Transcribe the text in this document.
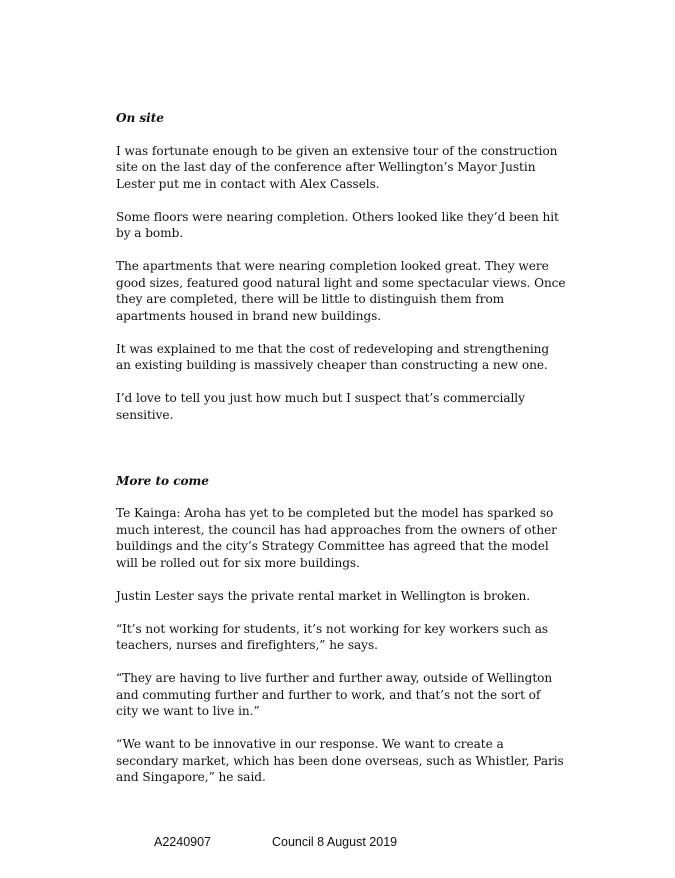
On site

I was fortunate enough to be given an extensive tour of the construction site on the last day of the conference after Wellington’s Mayor Justin Lester put me in contact with Alex Cassels.

Some floors were nearing completion. Others looked like they’d been hit by a bomb.

The apartments that were nearing completion looked great. They were good sizes, featured good natural light and some spectacular views. Once they are completed, there will be little to distinguish them from apartments housed in brand new buildings.

It was explained to me that the cost of redeveloping and strengthening an existing building is massively cheaper than constructing a new one.

I’d love to tell you just how much but I suspect that’s commercially sensitive.

More to come

Te Kainga: Aroha has yet to be completed but the model has sparked so much interest, the council has had approaches from the owners of other buildings and the city’s Strategy Committee has agreed that the model will be rolled out for six more buildings.

Justin Lester says the private rental market in Wellington is broken.

“It’s not working for students, it’s not working for key workers such as teachers, nurses and firefighters,” he says.

“They are having to live further and further away, outside of Wellington and commuting further and further to work, and that’s not the sort of city we want to live in.”

“We want to be innovative in our response. We want to create a secondary market, which has been done overseas, such as Whistler, Paris and Singapore,” he said.

A2240907	Council 8 August 2019
